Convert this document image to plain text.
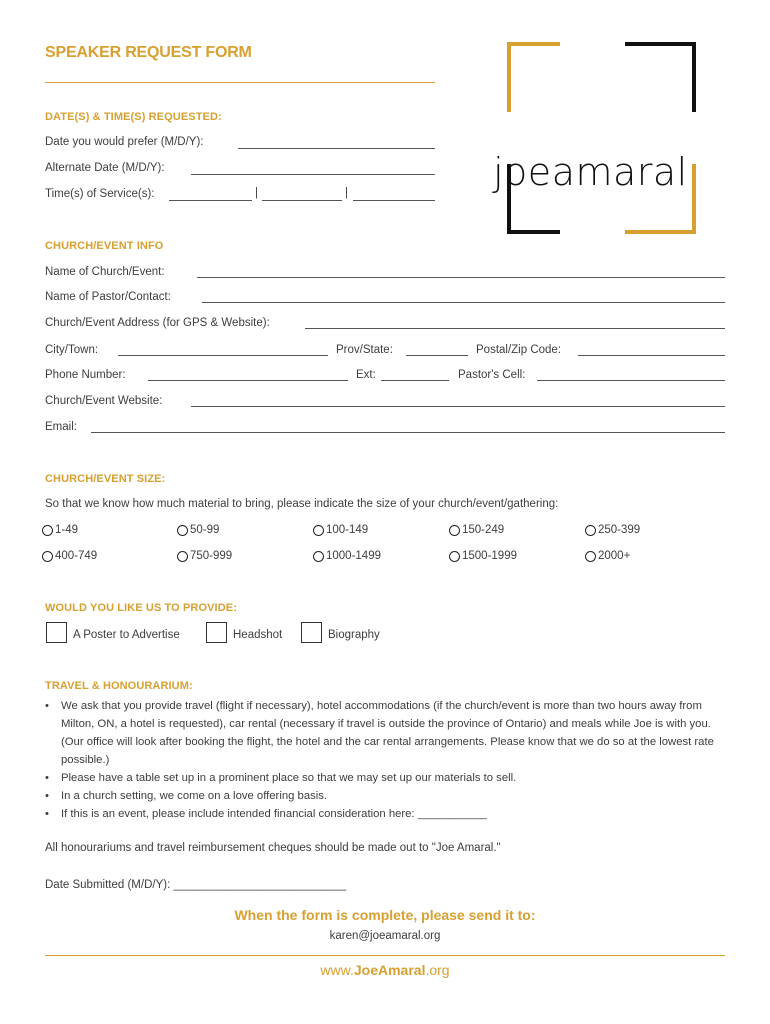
SPEAKER REQUEST FORM
joeamaral
DATE(S) & TIME(S) REQUESTED:
Date you would prefer (M/D/Y):
Alternate Date (M/D/Y):
Time(s) of Service(s):	|	|
CHURCH/EVENT INFO
Name of Church/Event:
Name of Pastor/Contact:
Church/Event Address (for GPS & Website):
City/Town:	Prov/State:	Postal/Zip Code:
Phone Number:	Ext:	Pastor's Cell:
Church/Event Website:
Email:
CHURCH/EVENT SIZE:
So that we know how much material to bring, please indicate the size of your church/event/gathering:
1-49	50-99	100-149	150-249	250-399
400-749	750-999	1000-1499	1500-1999	2000+
WOULD YOU LIKE US TO PROVIDE:
A Poster to Advertise	Headshot	Biography
TRAVEL & HONOURARIUM:
• We ask that you provide travel (flight if necessary), hotel accommodations (if the church/event is more than two hours away from Milton, ON, a hotel is requested), car rental (necessary if travel is outside the province of Ontario) and meals while Joe is with you. (Our office will look after booking the flight, the hotel and the car rental arrangements. Please know that we do so at the lowest rate possible.)
• Please have a table set up in a prominent place so that we may set up our materials to sell.
• In a church setting, we come on a love offering basis.
• If this is an event, please include intended financial consideration here: ___________
All honourariums and travel reimbursement cheques should be made out to "Joe Amaral."
Date Submitted (M/D/Y): ___________________________
When the form is complete, please send it to:
karen@joeamaral.org
www.JoeAmaral.org
